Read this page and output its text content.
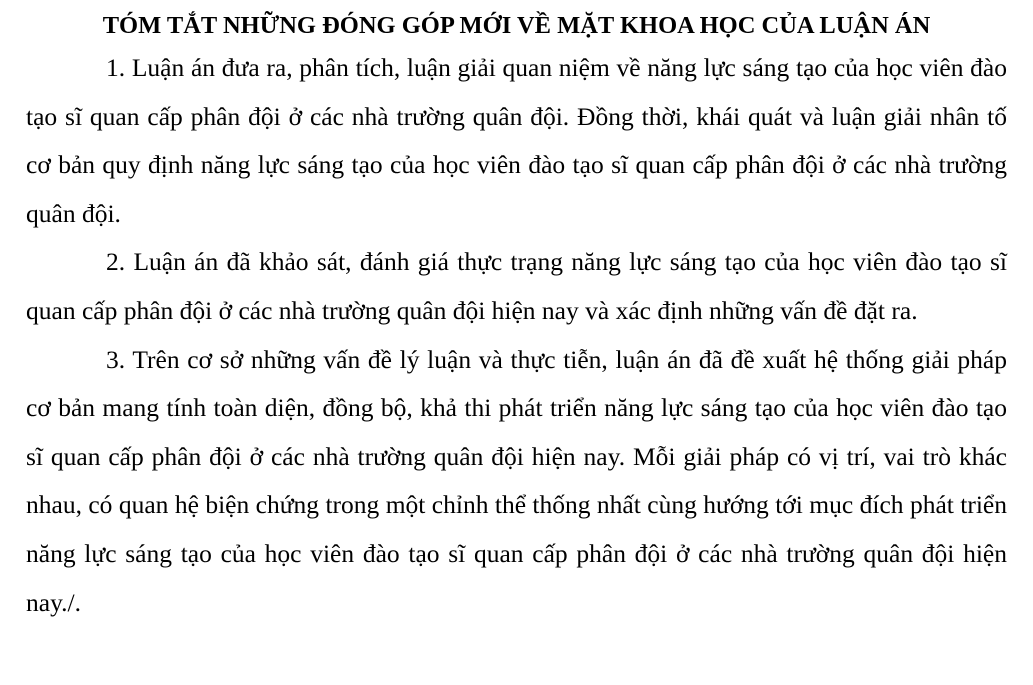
TÓM TẮT NHỮNG ĐÓNG GÓP MỚI VỀ MẶT KHOA HỌC CỦA LUẬN ÁN

1. Luận án đưa ra, phân tích, luận giải quan niệm về năng lực sáng tạo của học viên đào tạo sĩ quan cấp phân đội ở các nhà trường quân đội. Đồng thời, khái quát và luận giải nhân tố cơ bản quy định năng lực sáng tạo của học viên đào tạo sĩ quan cấp phân đội ở các nhà trường quân đội.

2. Luận án đã khảo sát, đánh giá thực trạng năng lực sáng tạo của học viên đào tạo sĩ quan cấp phân đội ở các nhà trường quân đội hiện nay và xác định những vấn đề đặt ra.

3. Trên cơ sở những vấn đề lý luận và thực tiễn, luận án đã đề xuất hệ thống giải pháp cơ bản mang tính toàn diện, đồng bộ, khả thi phát triển năng lực sáng tạo của học viên đào tạo sĩ quan cấp phân đội ở các nhà trường quân đội hiện nay. Mỗi giải pháp có vị trí, vai trò khác nhau, có quan hệ biện chứng trong một chỉnh thể thống nhất cùng hướng tới mục đích phát triển năng lực sáng tạo của học viên đào tạo sĩ quan cấp phân đội ở các nhà trường quân đội hiện nay./.
